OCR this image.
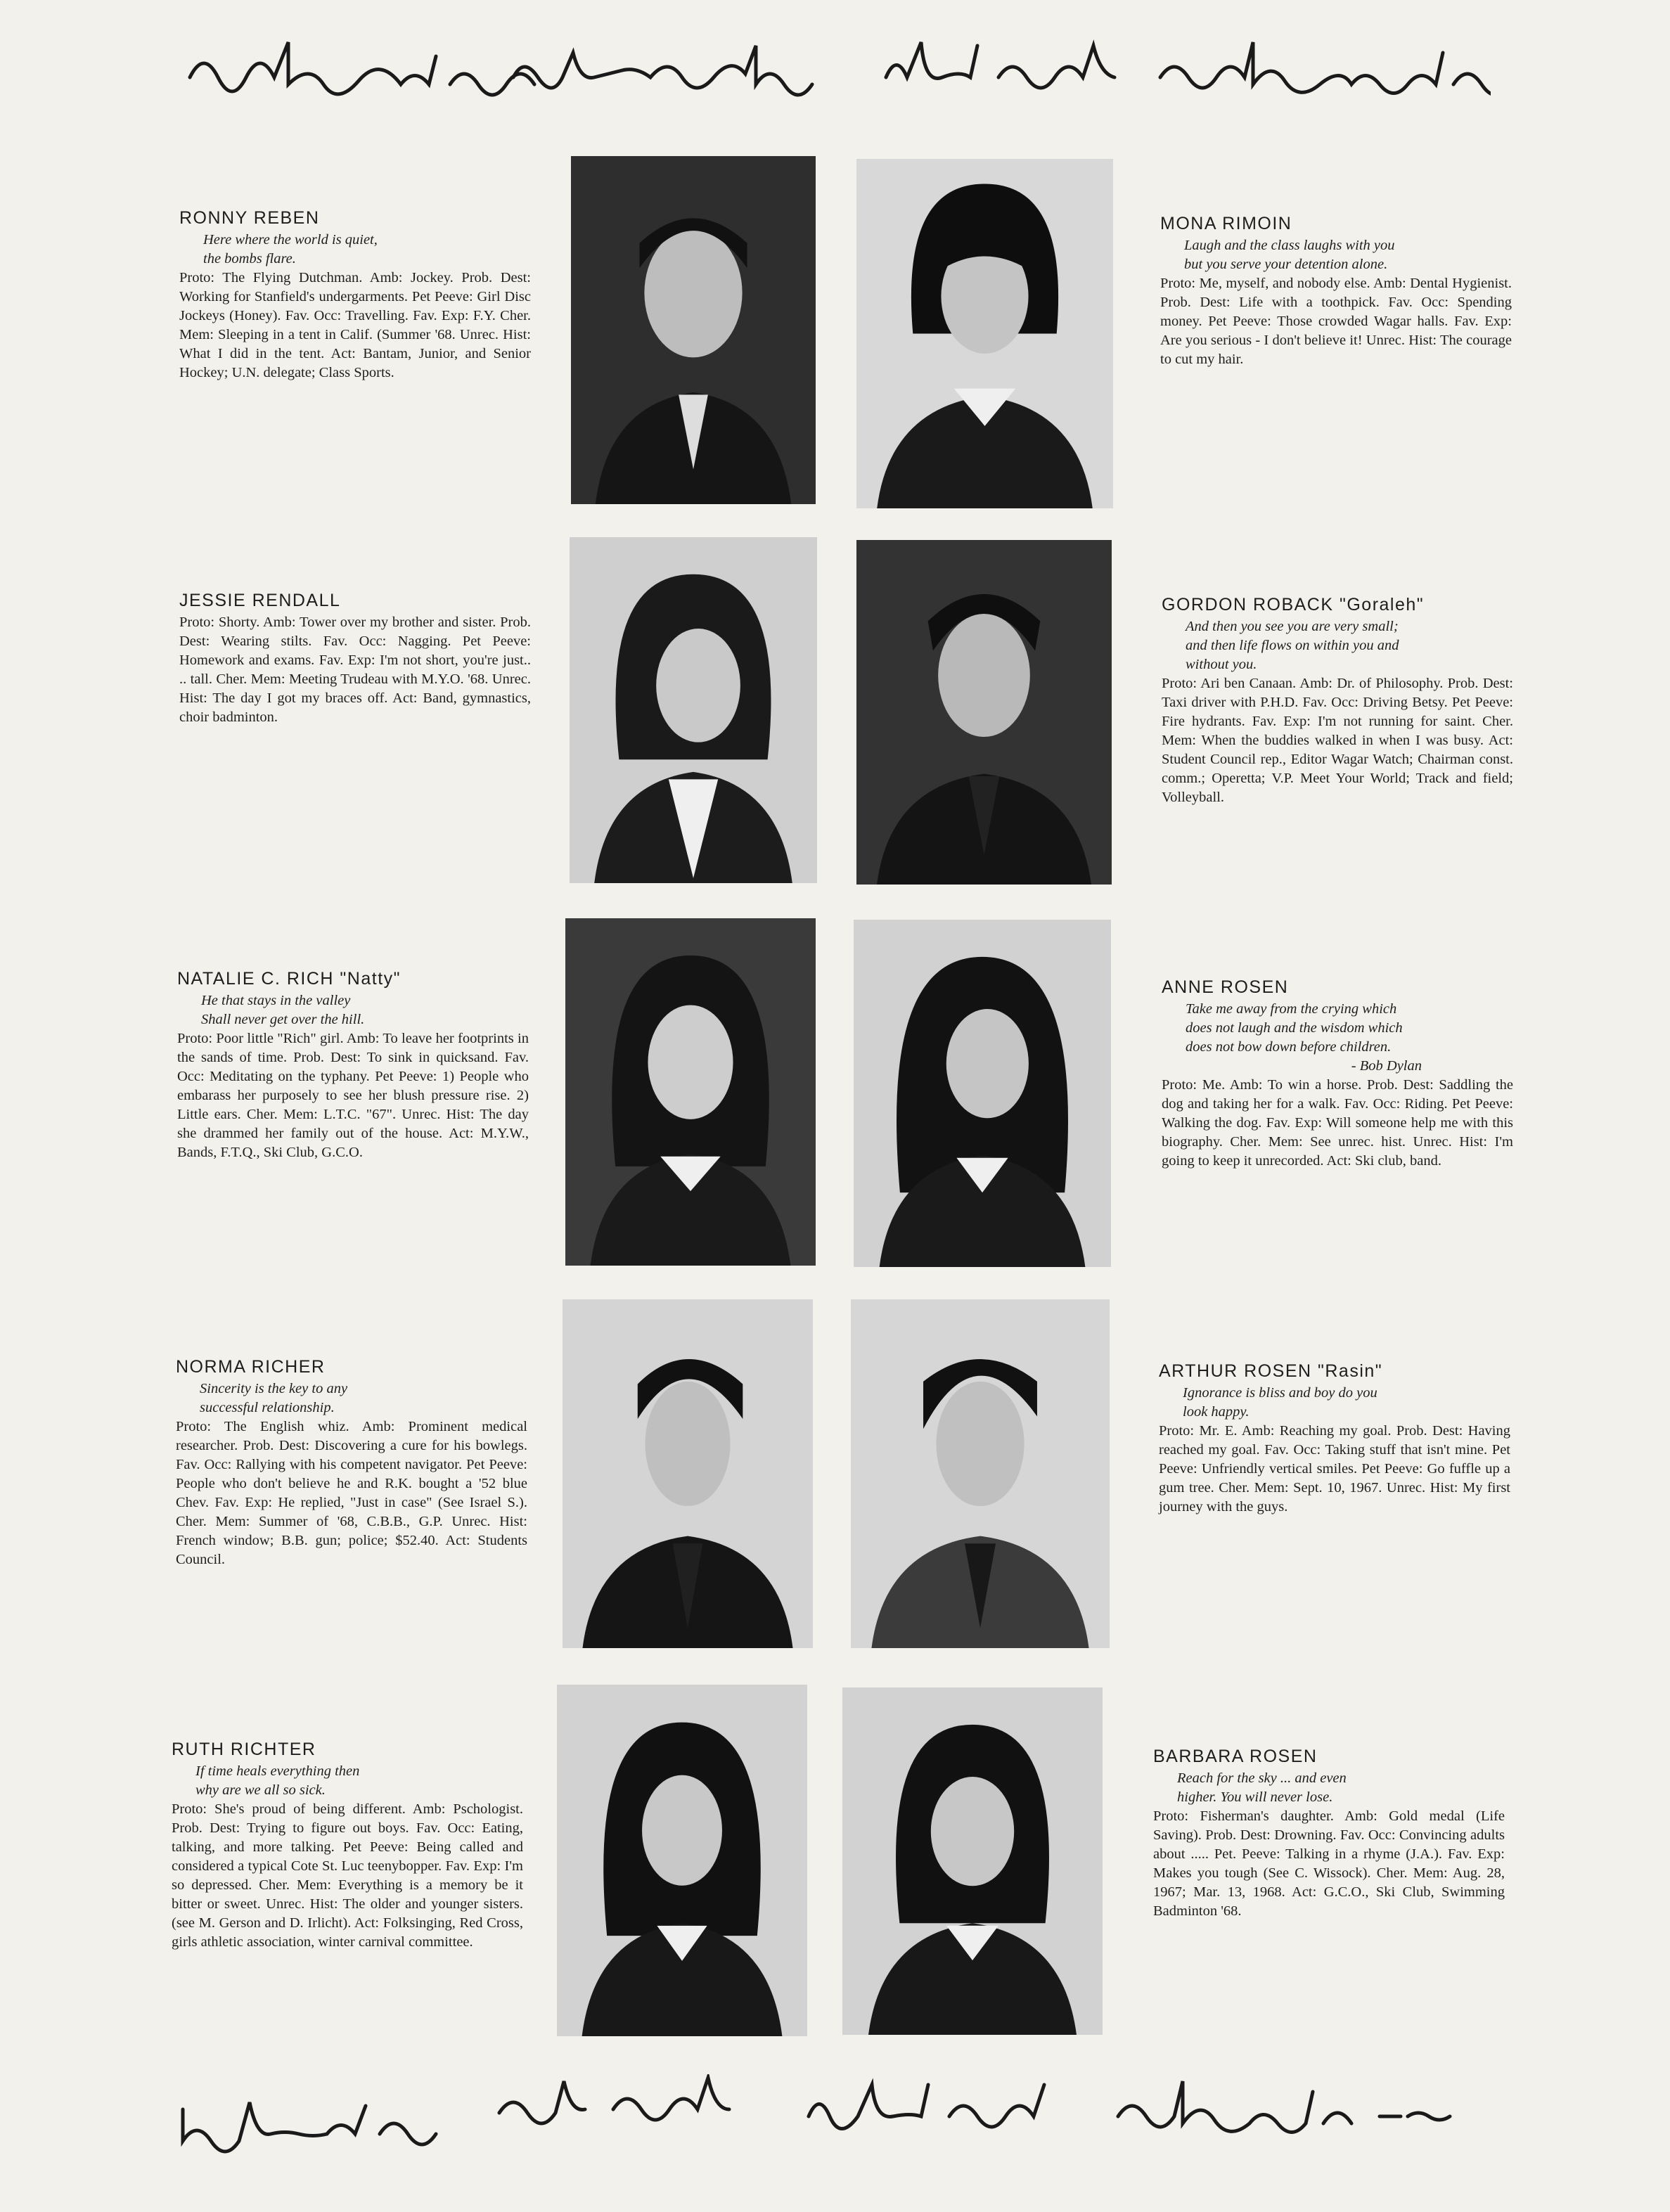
RONNY REBEN

Here where the world is quiet,
the bombs flare.

Proto: The Flying Dutchman. Amb: Jockey. Prob. Dest: Working for Stanfield's undergarments. Pet Peeve: Girl Disc Jockeys (Honey). Fav. Occ: Travelling. Fav. Exp: F.Y. Cher. Mem: Sleeping in a tent in Calif. (Summer '68. Unrec. Hist: What I did in the tent. Act: Bantam, Junior, and Senior Hockey; U.N. delegate; Class Sports.

MONA RIMOIN

Laugh and the class laughs with you
but you serve your detention alone.

Proto: Me, myself, and nobody else. Amb: Dental Hygienist. Prob. Dest: Life with a toothpick. Fav. Occ: Spending money. Pet Peeve: Those crowded Wagar halls. Fav. Exp: Are you serious - I don't believe it! Unrec. Hist: The courage to cut my hair.

JESSIE RENDALL

Proto: Shorty. Amb: Tower over my brother and sister. Prob. Dest: Wearing stilts. Fav. Occ: Nagging. Pet Peeve: Homework and exams. Fav. Exp: I'm not short, you're just.. .. tall. Cher. Mem: Meeting Trudeau with M.Y.O. '68. Unrec. Hist: The day I got my braces off. Act: Band, gymnastics, choir badminton.

GORDON ROBACK "Goraleh"

And then you see you are very small;
and then life flows on within you and
without you.

Proto: Ari ben Canaan. Amb: Dr. of Philosophy. Prob. Dest: Taxi driver with P.H.D. Fav. Occ: Driving Betsy. Pet Peeve: Fire hydrants. Fav. Exp: I'm not running for saint. Cher. Mem: When the buddies walked in when I was busy. Act: Student Council rep., Editor Wagar Watch; Chairman const. comm.; Operetta; V.P. Meet Your World; Track and field; Volleyball.

NATALIE C. RICH "Natty"

He that stays in the valley
Shall never get over the hill.

Proto: Poor little "Rich" girl. Amb: To leave her footprints in the sands of time. Prob. Dest: To sink in quicksand. Fav. Occ: Meditating on the typhany. Pet Peeve: 1) People who embarass her purposely to see her blush pressure rise. 2) Little ears. Cher. Mem: L.T.C. "67". Unrec. Hist: The day she drammed her family out of the house. Act: M.Y.W., Bands, F.T.Q., Ski Club, G.C.O.

ANNE ROSEN

Take me away from the crying which
does not laugh and the wisdom which
does not bow down before children.

- Bob Dylan

Proto: Me. Amb: To win a horse. Prob. Dest: Saddling the dog and taking her for a walk. Fav. Occ: Riding. Pet Peeve: Walking the dog. Fav. Exp: Will someone help me with this biography. Cher. Mem: See unrec. hist. Unrec. Hist: I'm going to keep it unrecorded. Act: Ski club, band.

NORMA RICHER

Sincerity is the key to any
successful relationship.

Proto: The English whiz. Amb: Prominent medical researcher. Prob. Dest: Discovering a cure for his bowlegs. Fav. Occ: Rallying with his competent navigator. Pet Peeve: People who don't believe he and R.K. bought a '52 blue Chev. Fav. Exp: He replied, "Just in case" (See Israel S.). Cher. Mem: Summer of '68, C.B.B., G.P. Unrec. Hist: French window; B.B. gun; police; $52.40. Act: Students Council.

ARTHUR ROSEN "Rasin"

Ignorance is bliss and boy do you
look happy.

Proto: Mr. E. Amb: Reaching my goal. Prob. Dest: Having reached my goal. Fav. Occ: Taking stuff that isn't mine. Pet Peeve: Unfriendly vertical smiles. Pet Peeve: Go fuffle up a gum tree. Cher. Mem: Sept. 10, 1967. Unrec. Hist: My first journey with the guys.

RUTH RICHTER

If time heals everything then
why are we all so sick.

Proto: She's proud of being different. Amb: Pschologist. Prob. Dest: Trying to figure out boys. Fav. Occ: Eating, talking, and more talking. Pet Peeve: Being called and considered a typical Cote St. Luc teenybopper. Fav. Exp: I'm so depressed. Cher. Mem: Everything is a memory be it bitter or sweet. Unrec. Hist: The older and younger sisters. (see M. Gerson and D. Irlicht). Act: Folksinging, Red Cross, girls athletic association, winter carnival committee.

BARBARA ROSEN

Reach for the sky ... and even
higher. You will never lose.

Proto: Fisherman's daughter. Amb: Gold medal (Life Saving). Prob. Dest: Drowning. Fav. Occ: Convincing adults about ..... Pet. Peeve: Talking in a rhyme (J.A.). Fav. Exp: Makes you tough (See C. Wissock). Cher. Mem: Aug. 28, 1967; Mar. 13, 1968. Act: G.C.O., Ski Club, Swimming Badminton '68.
